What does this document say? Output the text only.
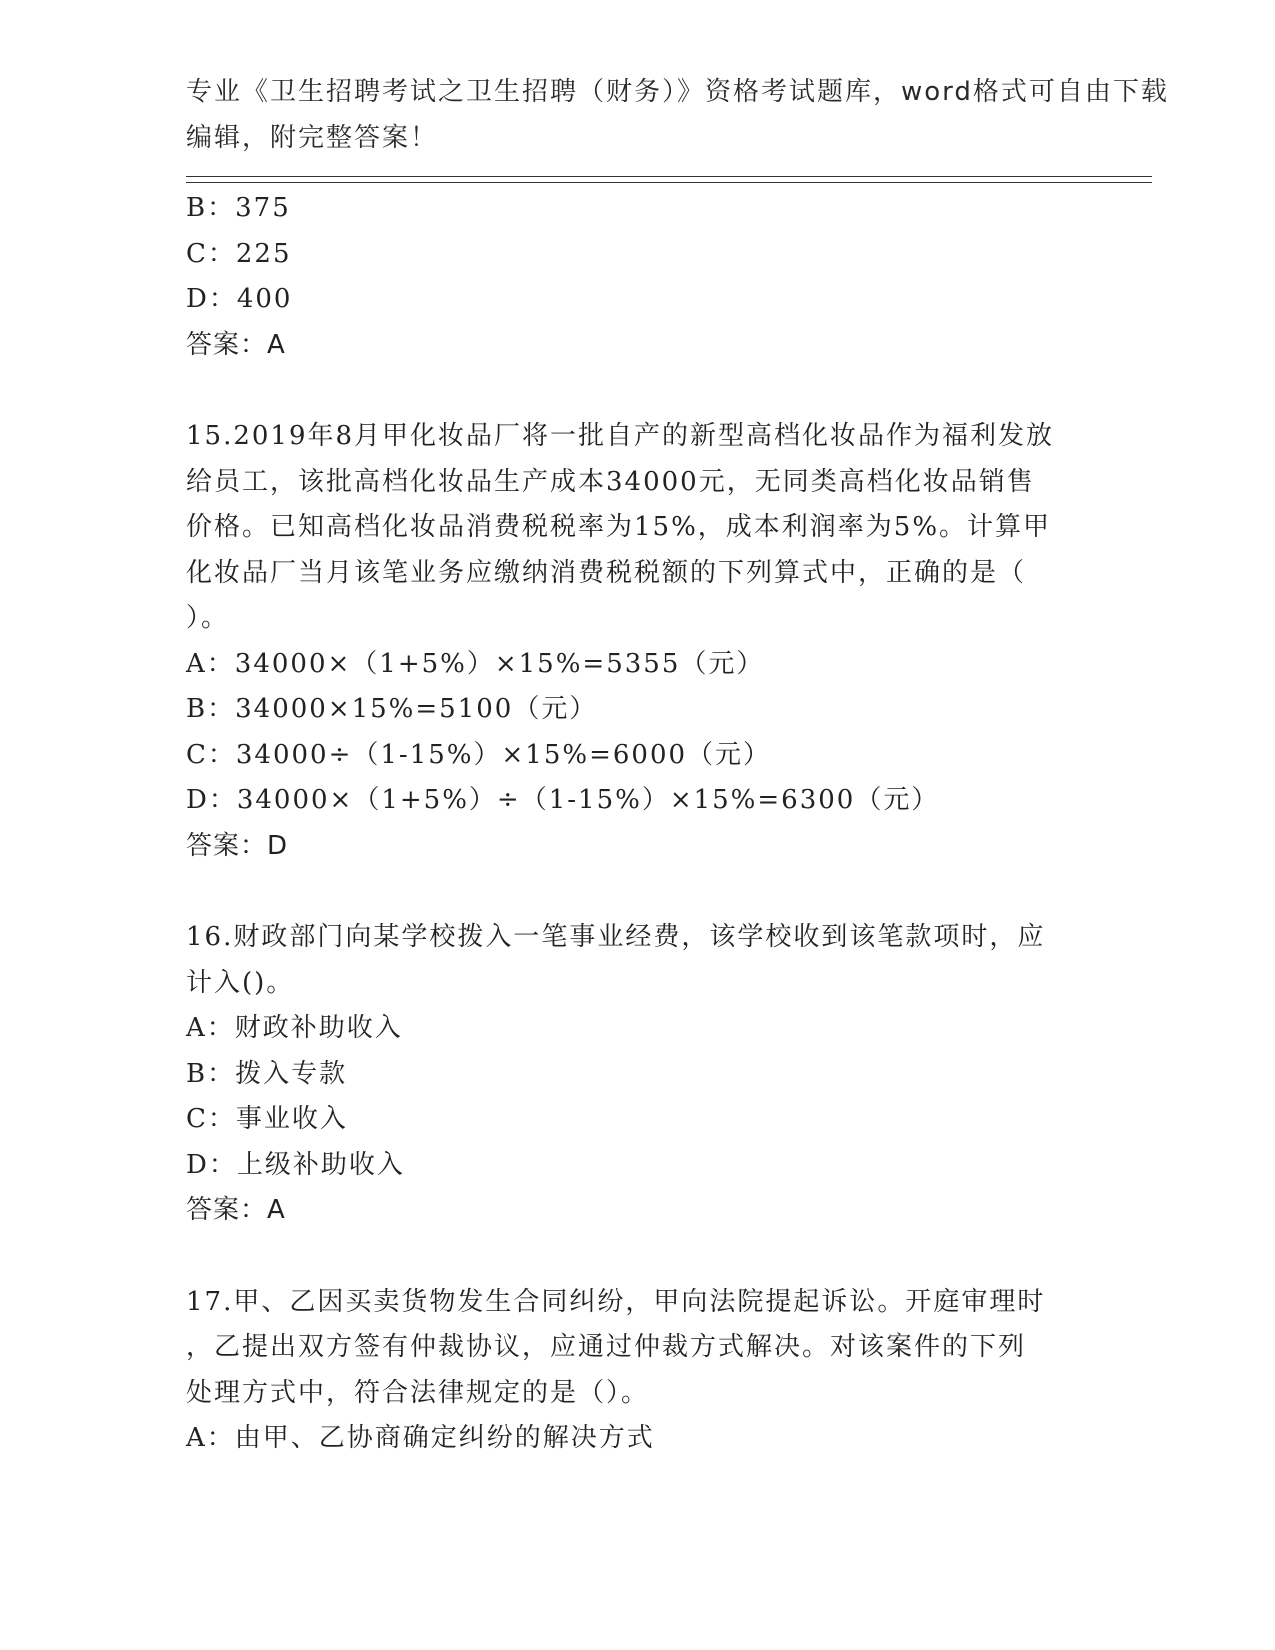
专业《卫生招聘考试之卫生招聘（财务）》资格考试题库，word格式可自由下载
编辑，附完整答案！
B：375
C：225
D：400
答案：A
15.2019年8月甲化妆品厂将一批自产的新型高档化妆品作为福利发放
给员工，该批高档化妆品生产成本34000元，无同类高档化妆品销售
价格。已知高档化妆品消费税税率为15%，成本利润率为5%。计算甲
化妆品厂当月该笔业务应缴纳消费税税额的下列算式中，正确的是（
）。
A：34000×（1+5%）×15%=5355（元）
B：34000×15%=5100（元）
C：34000÷（1-15%）×15%=6000（元）
D：34000×（1+5%）÷（1-15%）×15%=6300（元）
答案：D
16.财政部门向某学校拨入一笔事业经费，该学校收到该笔款项时，应
计入()。
A：财政补助收入
B：拨入专款
C：事业收入
D：上级补助收入
答案：A
17.甲、乙因买卖货物发生合同纠纷，甲向法院提起诉讼。开庭审理时
，乙提出双方签有仲裁协议，应通过仲裁方式解决。对该案件的下列
处理方式中，符合法律规定的是（）。
A：由甲、乙协商确定纠纷的解决方式
